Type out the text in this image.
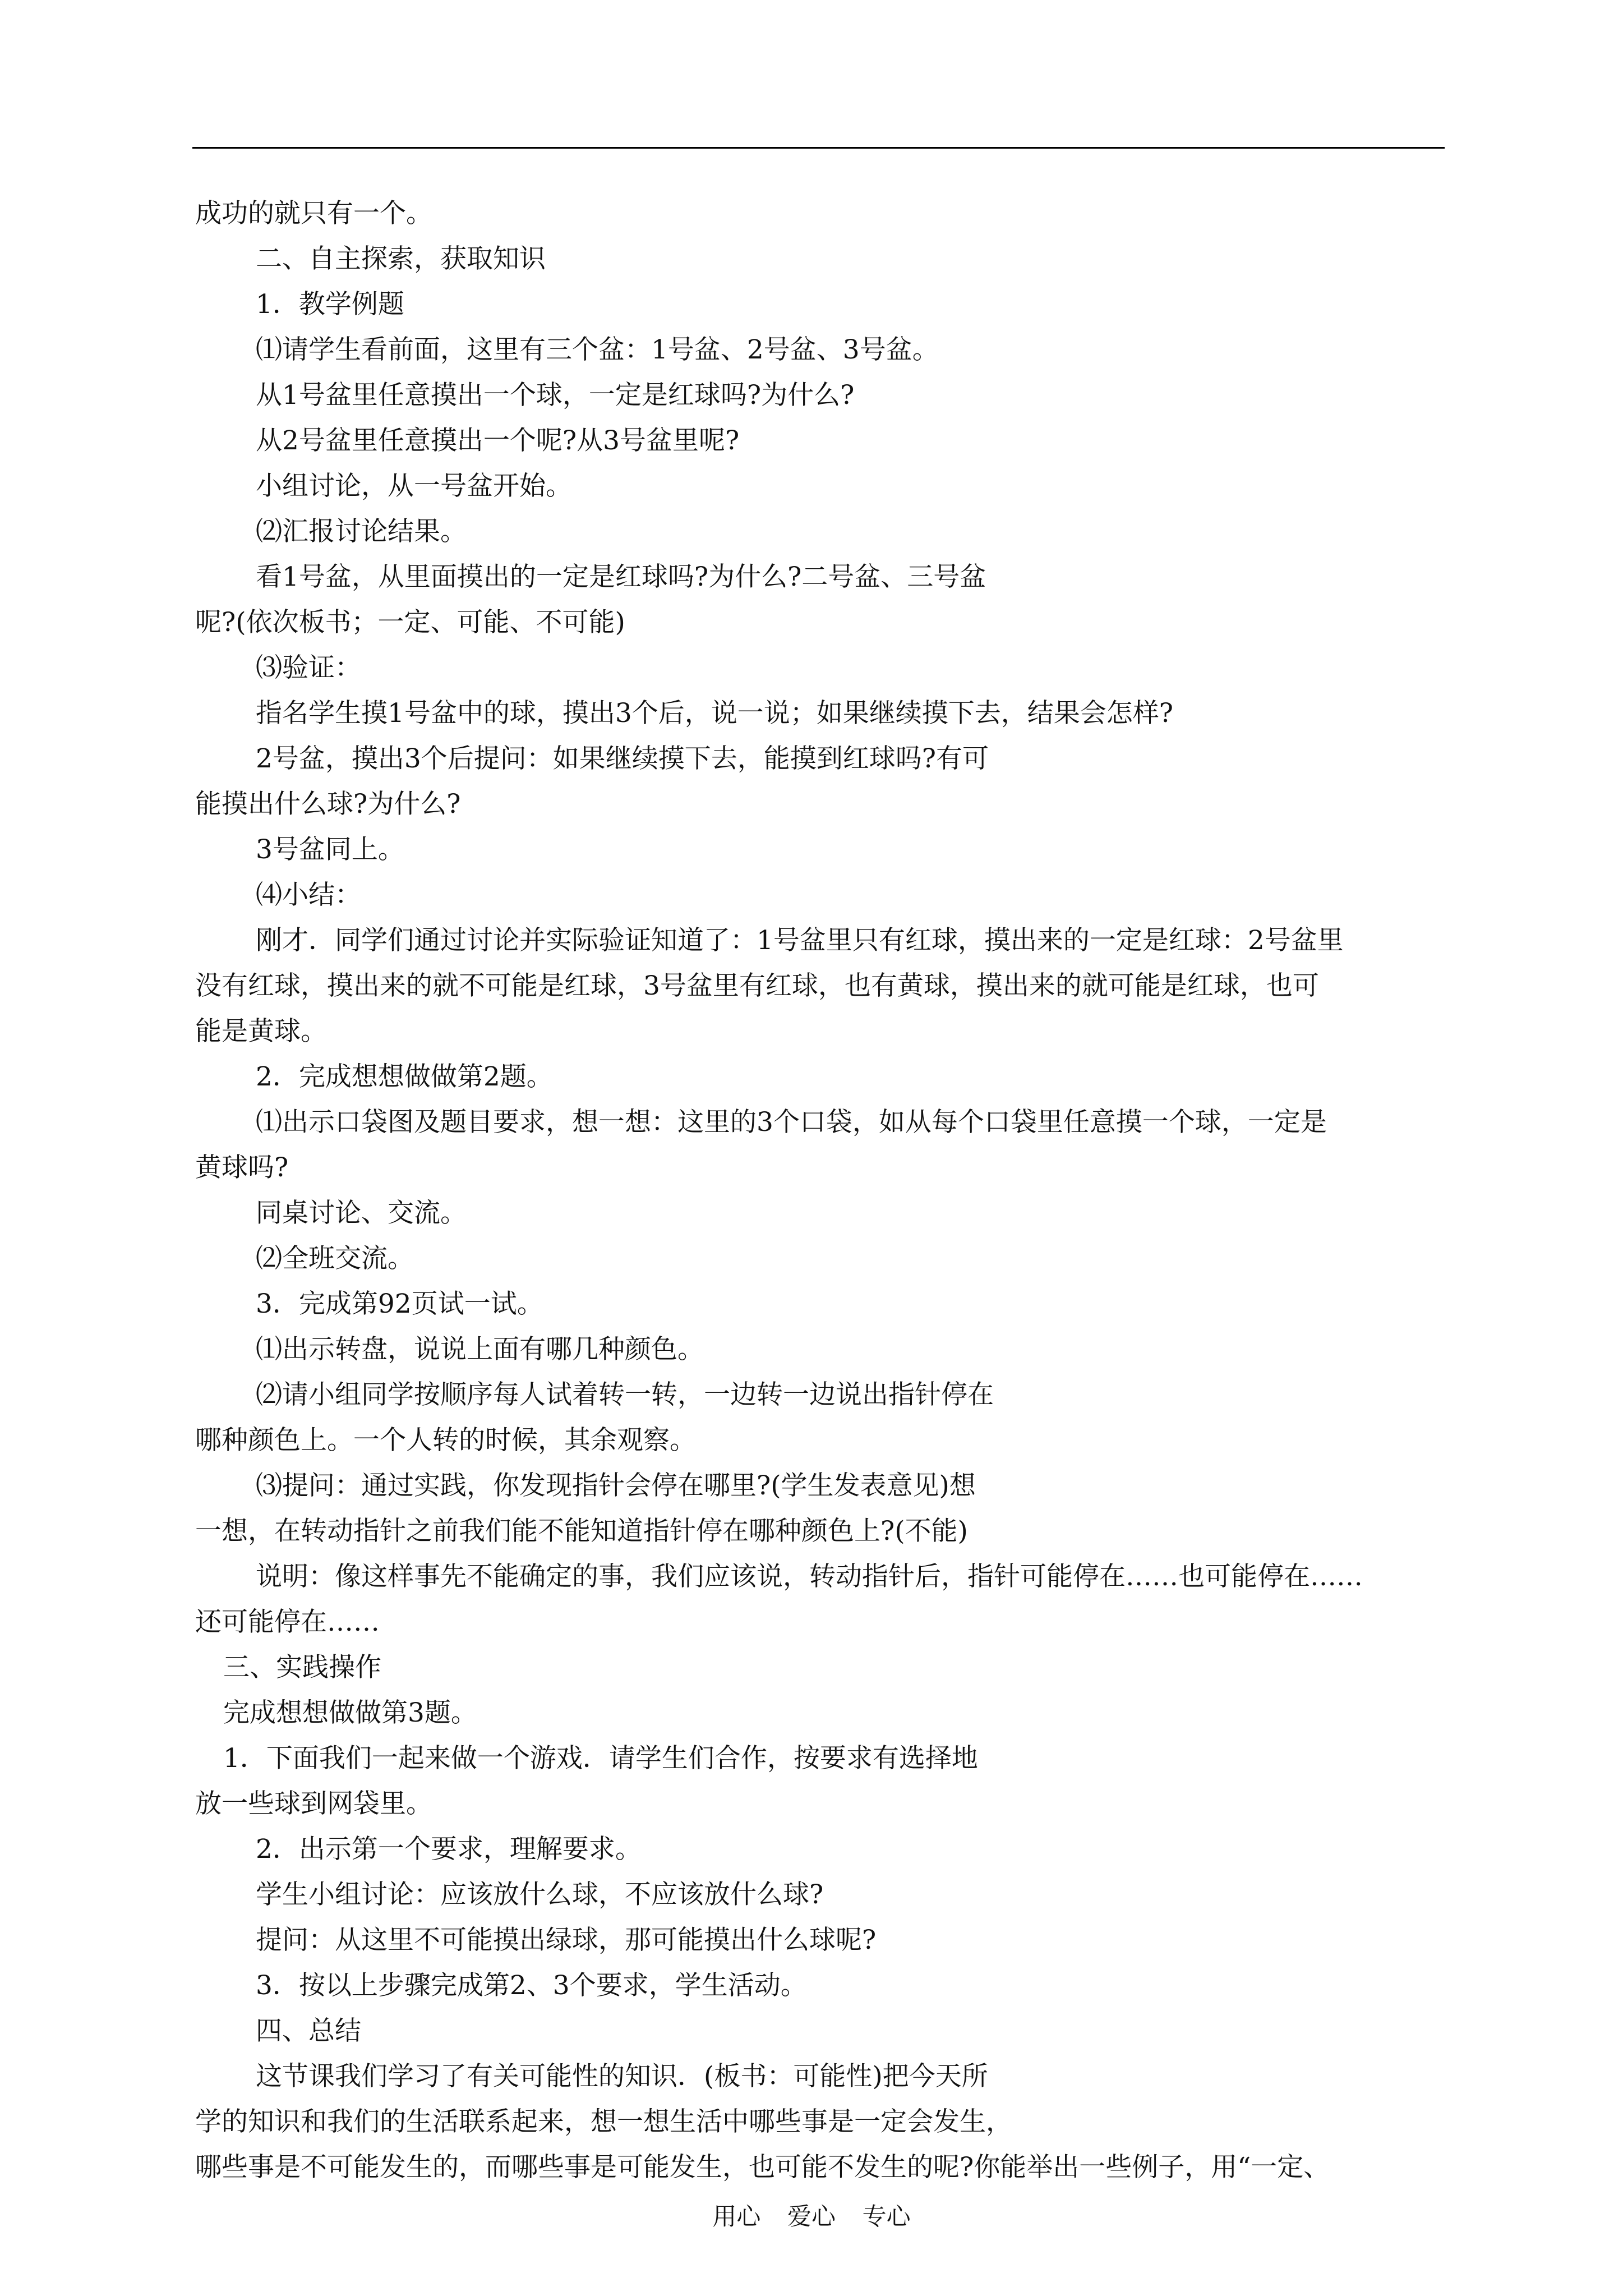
成功的就只有一个。
二、自主探索，获取知识
1．教学例题
⑴请学生看前面，这里有三个盆：1号盆、2号盆、3号盆。
从1号盆里任意摸出一个球，一定是红球吗?为什么?
从2号盆里任意摸出一个呢?从3号盆里呢?
小组讨论，从一号盆开始。
⑵汇报讨论结果。
看1号盆，从里面摸出的一定是红球吗?为什么?二号盆、三号盆
呢?(依次板书；一定、可能、不可能)
⑶验证：
指名学生摸1号盆中的球，摸出3个后，说一说；如果继续摸下去，结果会怎样?
2号盆，摸出3个后提问：如果继续摸下去，能摸到红球吗?有可
能摸出什么球?为什么?
3号盆同上。
⑷小结：
刚才．同学们通过讨论并实际验证知道了：1号盆里只有红球，摸出来的一定是红球：2号盆里
没有红球，摸出来的就不可能是红球，3号盆里有红球，也有黄球，摸出来的就可能是红球，也可
能是黄球。
2．完成想想做做第2题。
⑴出示口袋图及题目要求，想一想：这里的3个口袋，如从每个口袋里任意摸一个球，一定是
黄球吗?
同桌讨论、交流。
⑵全班交流。
3．完成第92页试一试。
⑴出示转盘，说说上面有哪几种颜色。
⑵请小组同学按顺序每人试着转一转，一边转一边说出指针停在
哪种颜色上。一个人转的时候，其余观察。
⑶提问：通过实践，你发现指针会停在哪里?(学生发表意见)想
一想，在转动指针之前我们能不能知道指针停在哪种颜色上?(不能)
说明：像这样事先不能确定的事，我们应该说，转动指针后，指针可能停在……也可能停在……
还可能停在……
三、实践操作
完成想想做做第3题。
1．下面我们一起来做一个游戏．请学生们合作，按要求有选择地
放一些球到网袋里。
2．出示第一个要求，理解要求。
学生小组讨论：应该放什么球，不应该放什么球?
提问：从这里不可能摸出绿球，那可能摸出什么球呢?
3．按以上步骤完成第2、3个要求，学生活动。
四、总结
这节课我们学习了有关可能性的知识．(板书：可能性)把今天所
学的知识和我们的生活联系起来，想一想生活中哪些事是一定会发生，
哪些事是不可能发生的，而哪些事是可能发生，也可能不发生的呢?你能举出一些例子，用“一定、
用心 爱心 专心
